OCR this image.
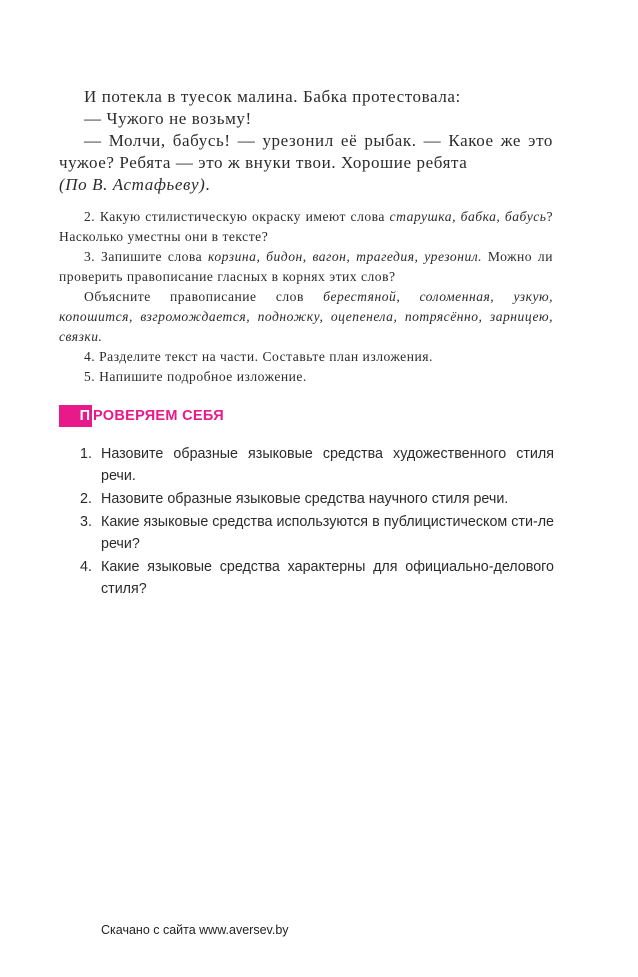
И потекла в туесок малина. Бабка протестовала:

— Чужого не возьму!

— Молчи, бабусь! — урезонил её рыбак. — Какое же это чужое? Ребята — это ж внуки твои. Хорошие ребята
(По В. Астафьеву).

2. Какую стилистическую окраску имеют слова старушка, бабка, бабусь? Насколько уместны они в тексте?

3. Запишите слова корзина, бидон, вагон, трагедия, урезонил. Можно ли проверить правописание гласных в корнях этих слов?

Объясните правописание слов берестяной, соломенная, узкую, копошится, взгромождается, подножку, оцепенела, потрясённо, зарницею, связки.

4. Разделите текст на части. Составьте план изложения.

5. Напишите подробное изложение.

П РОВЕРЯЕМ СЕБЯ
1. Назовите образные языковые средства художественного стиля речи.
2. Назовите образные языковые средства научного стиля речи.
3. Какие языковые средства используются в публицистическом сти-ле речи?
4. Какие языковые средства характерны для официально-делового стиля?
Скачано с сайта www.aversev.by
